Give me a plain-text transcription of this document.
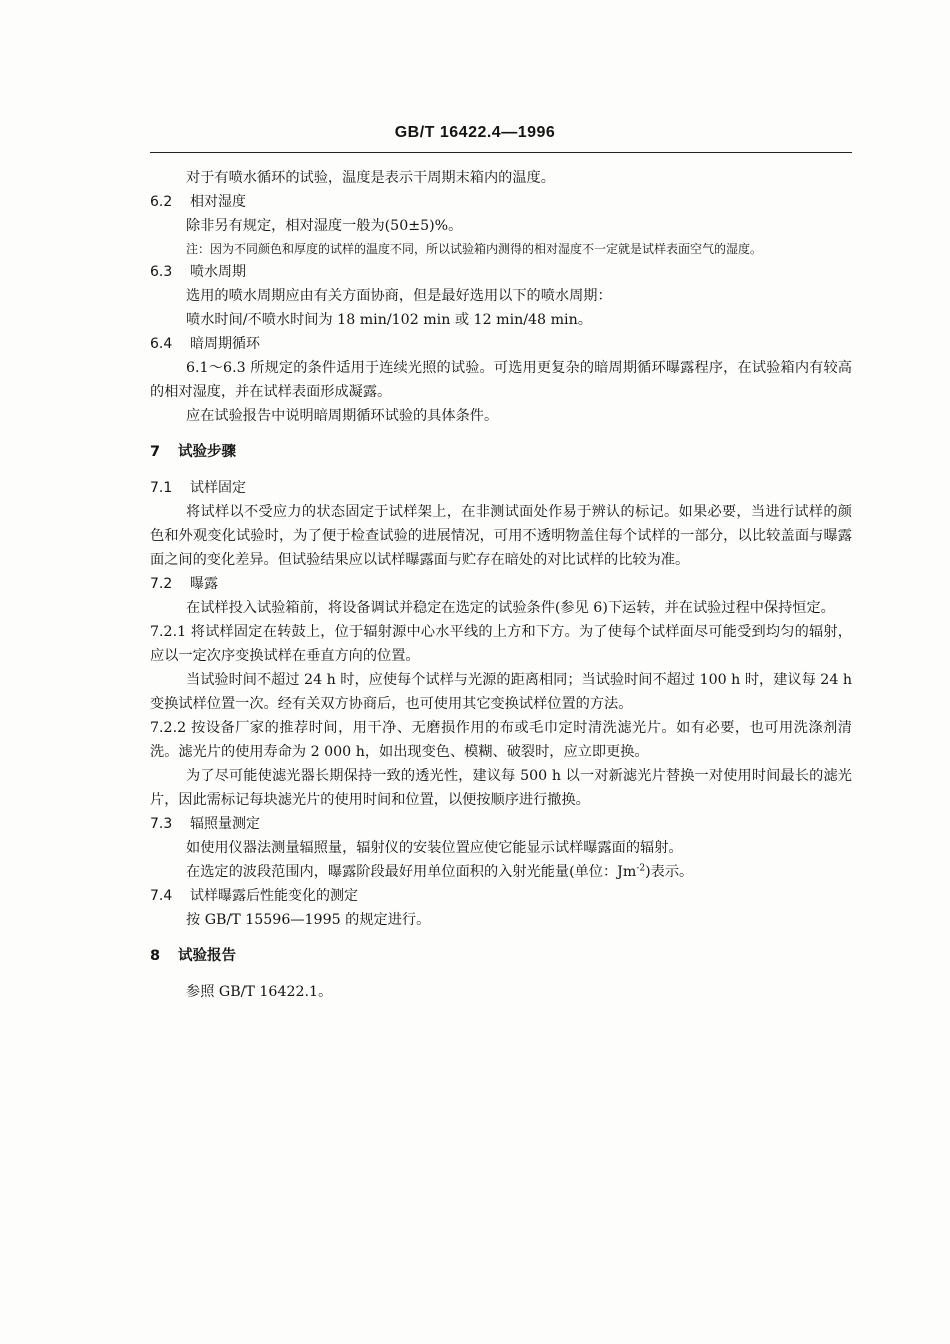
GB/T 16422.4—1996

对于有喷水循环的试验，温度是表示干周期末箱内的温度。

6.2 相对湿度

除非另有规定，相对湿度一般为(50±5)%。

注：因为不同颜色和厚度的试样的温度不同，所以试验箱内测得的相对湿度不一定就是试样表面空气的湿度。

6.3 喷水周期

选用的喷水周期应由有关方面协商，但是最好选用以下的喷水周期：

喷水时间/不喷水时间为 18 min/102 min 或 12 min/48 min。

6.4 暗周期循环

6.1～6.3 所规定的条件适用于连续光照的试验。可选用更复杂的暗周期循环曝露程序，在试验箱内有较高的相对湿度，并在试样表面形成凝露。

应在试验报告中说明暗周期循环试验的具体条件。

7 试验步骤

7.1 试样固定

将试样以不受应力的状态固定于试样架上，在非测试面处作易于辨认的标记。如果必要，当进行试样的颜色和外观变化试验时，为了便于检查试验的进展情况，可用不透明物盖住每个试样的一部分，以比较盖面与曝露面之间的变化差异。但试验结果应以试样曝露面与贮存在暗处的对比试样的比较为准。

7.2 曝露

在试样投入试验箱前，将设备调试并稳定在选定的试验条件(参见 6)下运转，并在试验过程中保持恒定。

7.2.1 将试样固定在转鼓上，位于辐射源中心水平线的上方和下方。为了使每个试样面尽可能受到均匀的辐射，应以一定次序变换试样在垂直方向的位置。

当试验时间不超过 24 h 时，应使每个试样与光源的距离相同；当试验时间不超过 100 h 时，建议每 24 h 变换试样位置一次。经有关双方协商后，也可使用其它变换试样位置的方法。

7.2.2 按设备厂家的推荐时间，用干净、无磨损作用的布或毛巾定时清洗滤光片。如有必要，也可用洗涤剂清洗。滤光片的使用寿命为 2 000 h，如出现变色、模糊、破裂时，应立即更换。

为了尽可能使滤光器长期保持一致的透光性，建议每 500 h 以一对新滤光片替换一对使用时间最长的滤光片，因此需标记每块滤光片的使用时间和位置，以便按顺序进行撤换。

7.3 辐照量测定

如使用仪器法测量辐照量，辐射仪的安装位置应使它能显示试样曝露面的辐射。

在选定的波段范围内，曝露阶段最好用单位面积的入射光能量(单位：$Jm^{-2}$)表示。

7.4 试样曝露后性能变化的测定

按 GB/T 15596—1995 的规定进行。

8 试验报告

参照 GB/T 16422.1。
